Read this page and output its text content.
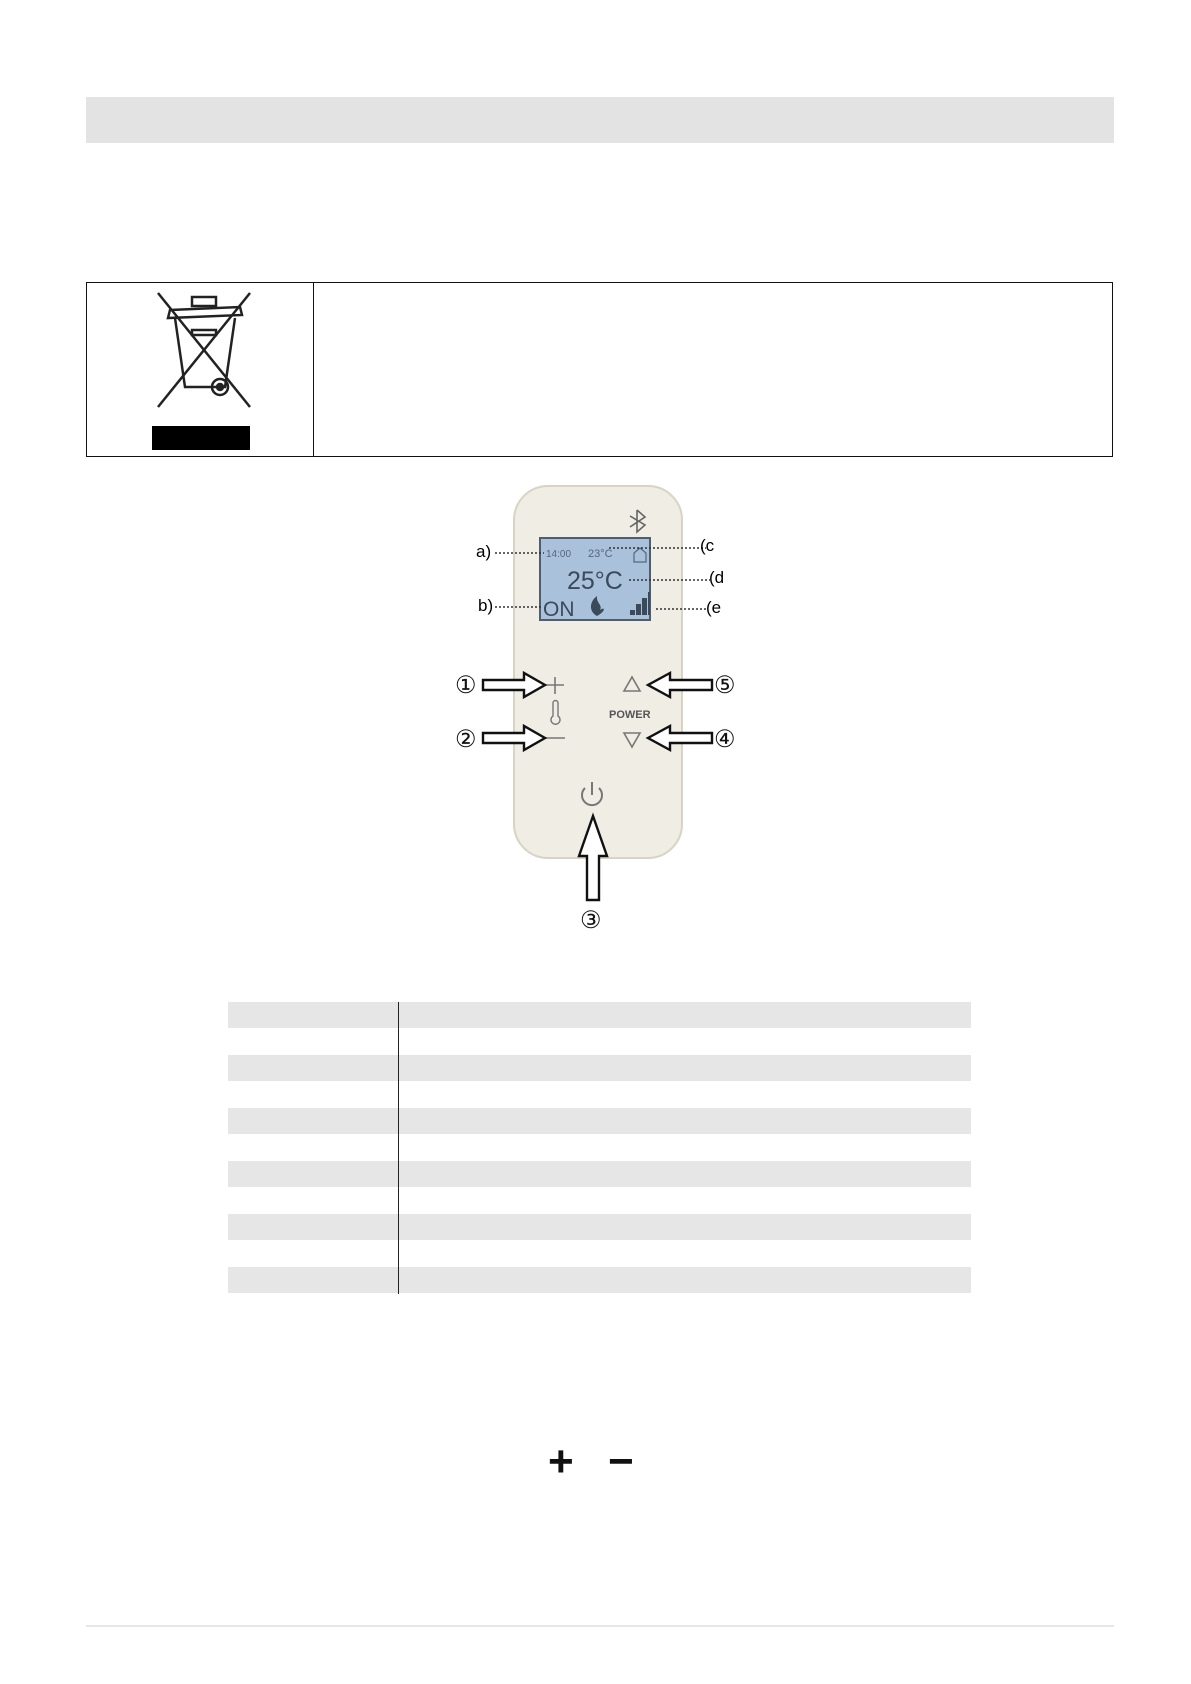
14:00 23°C
25°C
ON
a)
b)
(c
(d
(e
POWER
①
②
⑤
④
③
+ −
